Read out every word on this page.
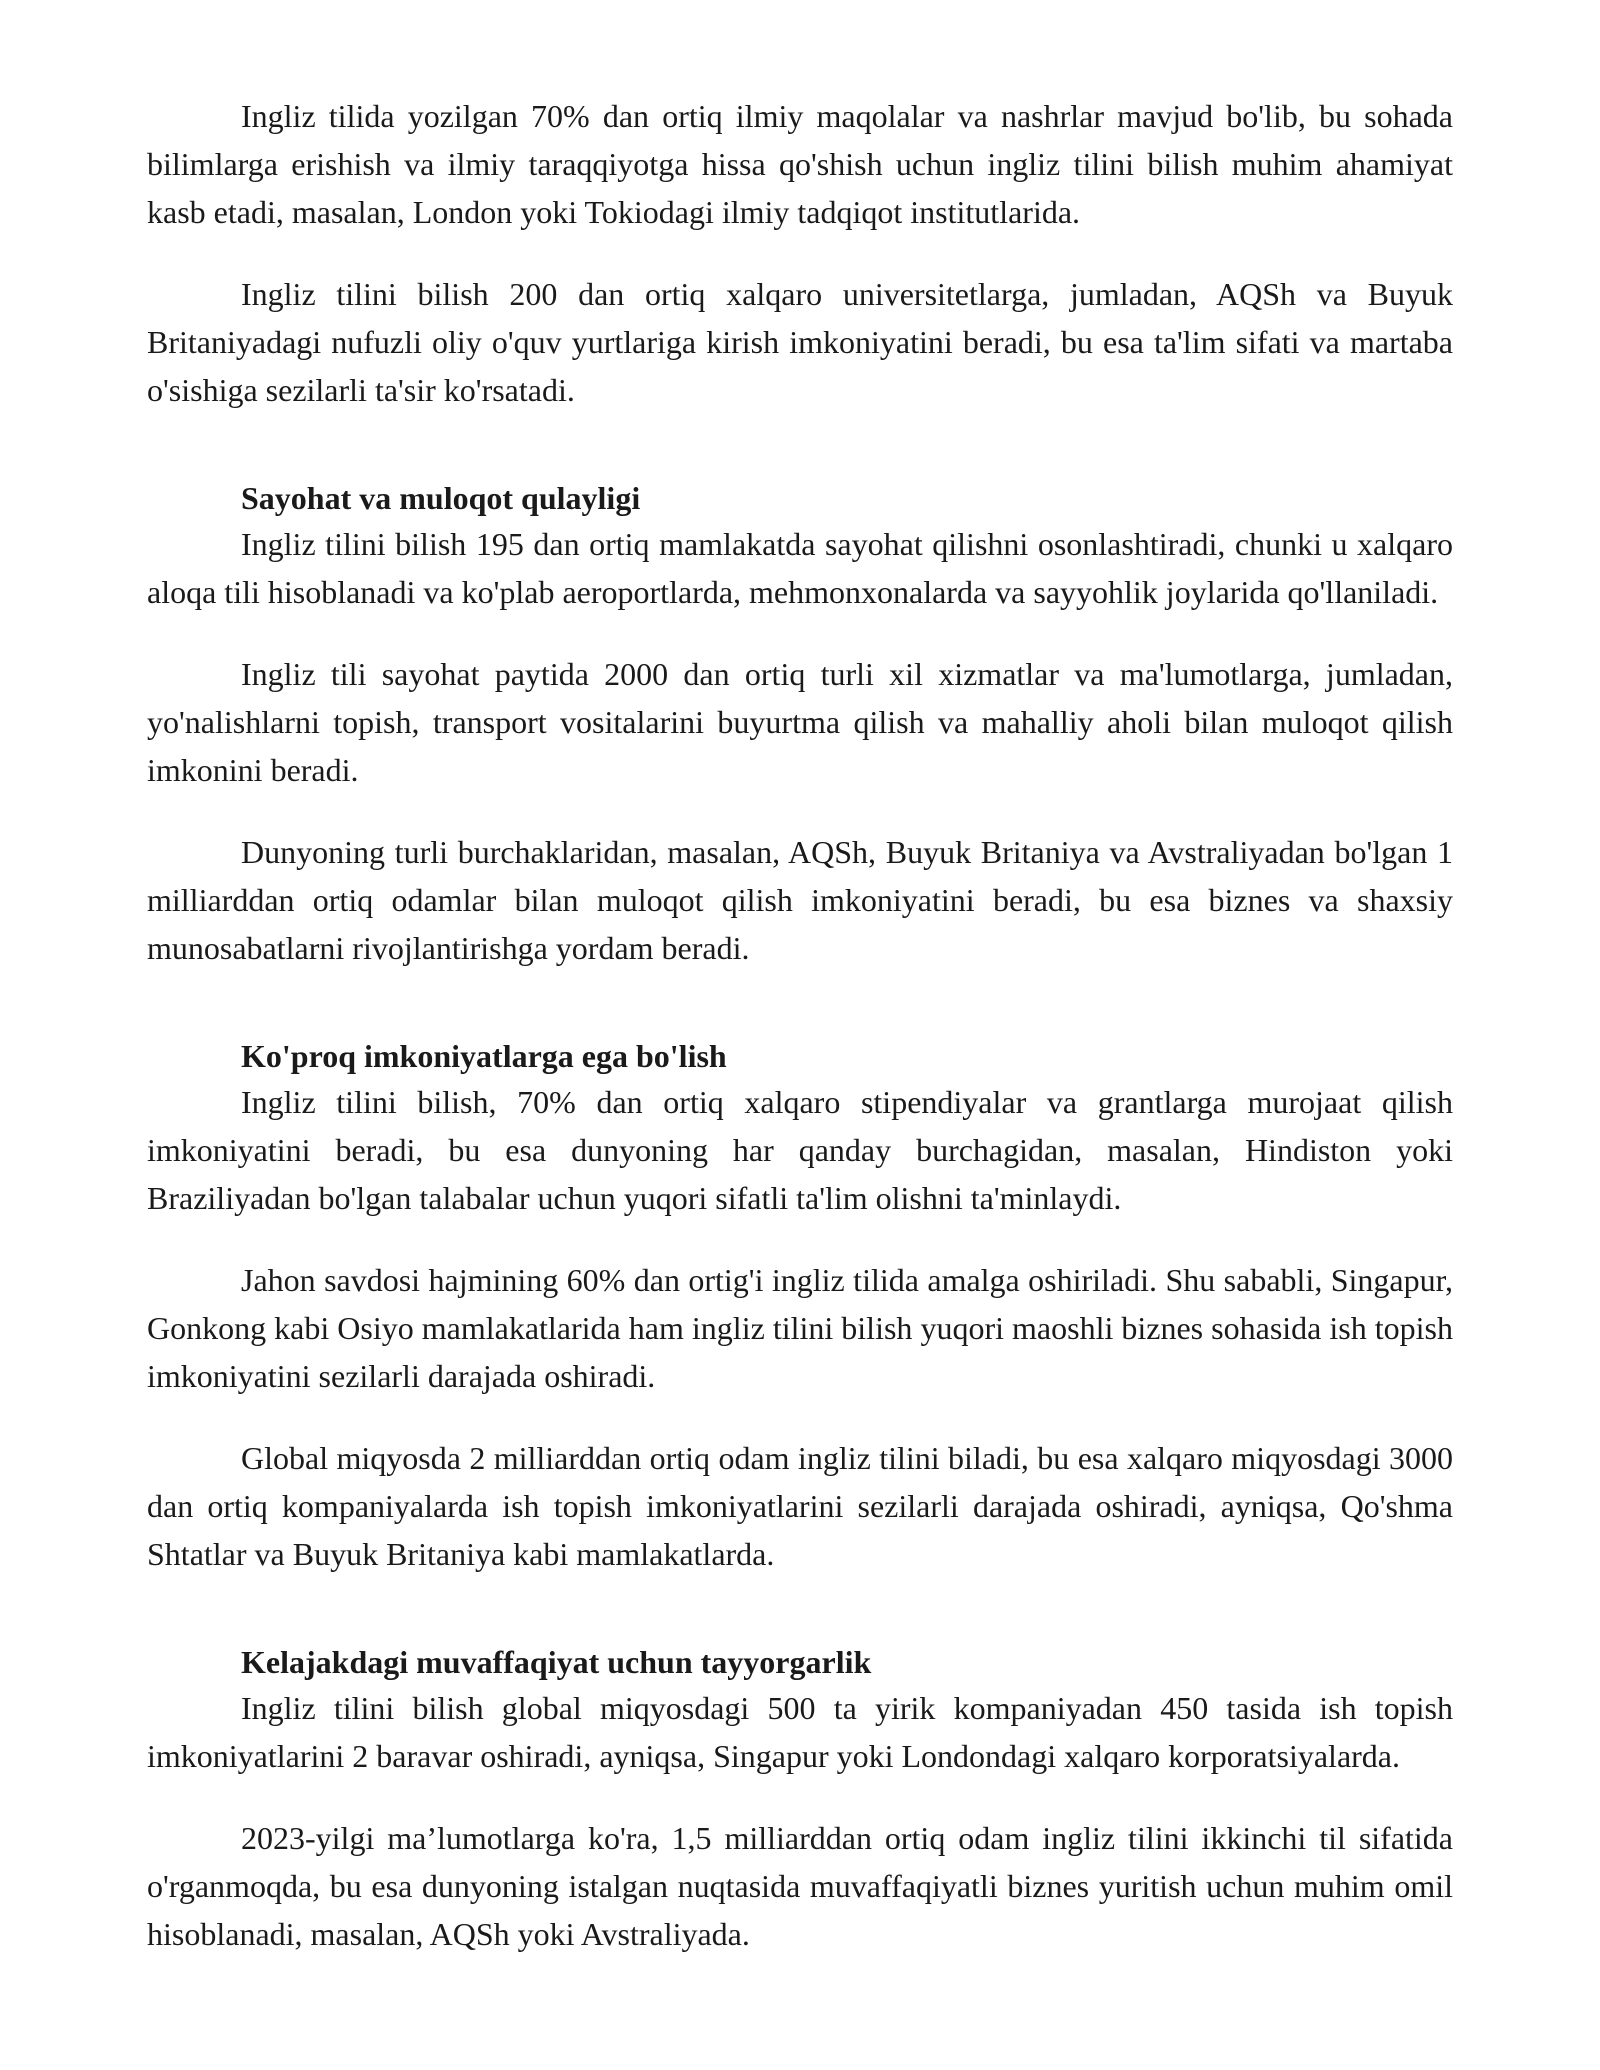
Ingliz tilida yozilgan 70% dan ortiq ilmiy maqolalar va nashrlar mavjud bo'lib, bu sohada bilimlarga erishish va ilmiy taraqqiyotga hissa qo'shish uchun ingliz tilini bilish muhim ahamiyat kasb etadi, masalan, London yoki Tokiodagi ilmiy tadqiqot institutlarida.

Ingliz tilini bilish 200 dan ortiq xalqaro universitetlarga, jumladan, AQSh va Buyuk Britaniyadagi nufuzli oliy o'quv yurtlariga kirish imkoniyatini beradi, bu esa ta'lim sifati va martaba o'sishiga sezilarli ta'sir ko'rsatadi.

Sayohat va muloqot qulayligi

Ingliz tilini bilish 195 dan ortiq mamlakatda sayohat qilishni osonlashtiradi, chunki u xalqaro aloqa tili hisoblanadi va ko'plab aeroportlarda, mehmonxonalarda va sayyohlik joylarida qo'llaniladi.

Ingliz tili sayohat paytida 2000 dan ortiq turli xil xizmatlar va ma'lumotlarga, jumladan, yo'nalishlarni topish, transport vositalarini buyurtma qilish va mahalliy aholi bilan muloqot qilish imkonini beradi.

Dunyoning turli burchaklaridan, masalan, AQSh, Buyuk Britaniya va Avstraliyadan bo'lgan 1 milliarddan ortiq odamlar bilan muloqot qilish imkoniyatini beradi, bu esa biznes va shaxsiy munosabatlarni rivojlantirishga yordam beradi.

Ko'proq imkoniyatlarga ega bo'lish

Ingliz tilini bilish, 70% dan ortiq xalqaro stipendiyalar va grantlarga murojaat qilish imkoniyatini beradi, bu esa dunyoning har qanday burchagidan, masalan, Hindiston yoki Braziliyadan bo'lgan talabalar uchun yuqori sifatli ta'lim olishni ta'minlaydi.

Jahon savdosi hajmining 60% dan ortig'i ingliz tilida amalga oshiriladi. Shu sababli, Singapur, Gonkong kabi Osiyo mamlakatlarida ham ingliz tilini bilish yuqori maoshli biznes sohasida ish topish imkoniyatini sezilarli darajada oshiradi.

Global miqyosda 2 milliarddan ortiq odam ingliz tilini biladi, bu esa xalqaro miqyosdagi 3000 dan ortiq kompaniyalarda ish topish imkoniyatlarini sezilarli darajada oshiradi, ayniqsa, Qo'shma Shtatlar va Buyuk Britaniya kabi mamlakatlarda.

Kelajakdagi muvaffaqiyat uchun tayyorgarlik

Ingliz tilini bilish global miqyosdagi 500 ta yirik kompaniyadan 450 tasida ish topish imkoniyatlarini 2 baravar oshiradi, ayniqsa, Singapur yoki Londondagi xalqaro korporatsiyalarda.

2023-yilgi ma’lumotlarga ko'ra, 1,5 milliarddan ortiq odam ingliz tilini ikkinchi til sifatida o'rganmoqda, bu esa dunyoning istalgan nuqtasida muvaffaqiyatli biznes yuritish uchun muhim omil hisoblanadi, masalan, AQSh yoki Avstraliyada.
